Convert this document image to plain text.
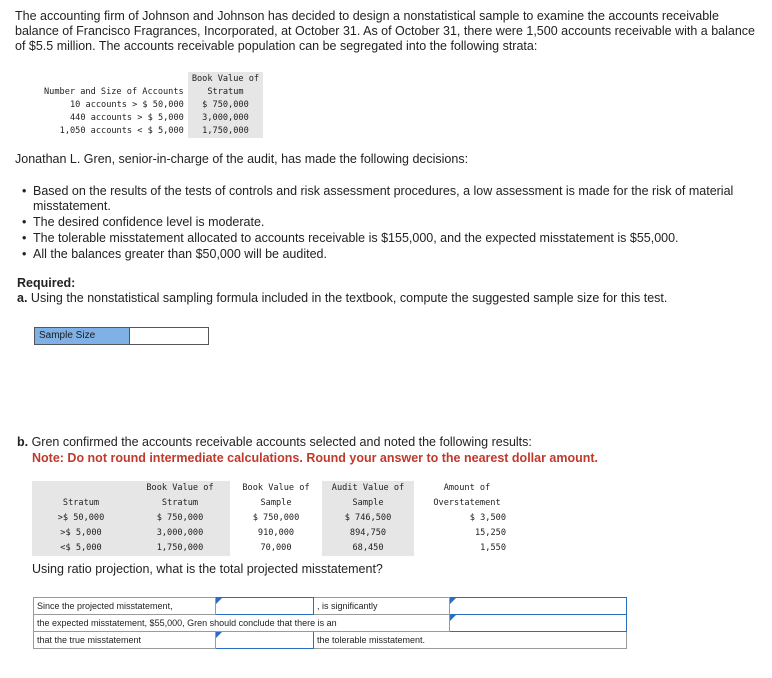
The accounting firm of Johnson and Johnson has decided to design a nonstatistical sample to examine the accounts receivable balance of Francisco Fragrances, Incorporated, at October 31. As of October 31, there were 1,500 accounts receivable with a balance of $5.5 million. The accounts receivable population can be segregated into the following strata:
	Book Value of
Number and Size of Accounts	Stratum
10 accounts > $ 50,000	$ 750,000
440 accounts > $ 5,000	3,000,000
1,050 accounts < $ 5,000	1,750,000
Jonathan L. Gren, senior-in-charge of the audit, has made the following decisions:
• Based on the results of the tests of controls and risk assessment procedures, a low assessment is made for the risk of material misstatement.
• The desired confidence level is moderate.
• The tolerable misstatement allocated to accounts receivable is $155,000, and the expected misstatement is $55,000.
• All the balances greater than $50,000 will be audited.
Required:
a. Using the nonstatistical sampling formula included in the textbook, compute the suggested sample size for this test.
Sample Size
b. Gren confirmed the accounts receivable accounts selected and noted the following results:
Note: Do not round intermediate calculations. Round your answer to the nearest dollar amount.
	Book Value of	Book Value of	Audit Value of	Amount of
Stratum	Stratum	Sample	Sample	Overstatement
>$ 50,000	$ 750,000	$ 750,000	$ 746,500	$ 3,500
>$ 5,000	3,000,000	910,000	894,750	15,250
<$ 5,000	1,750,000	70,000	68,450	1,550
Using ratio projection, what is the total projected misstatement?
Since the projected misstatement,		, is significantly	

the expected misstatement, $55,000, Gren should conclude that there is an			

that the true misstatement		the tolerable misstatement.	
